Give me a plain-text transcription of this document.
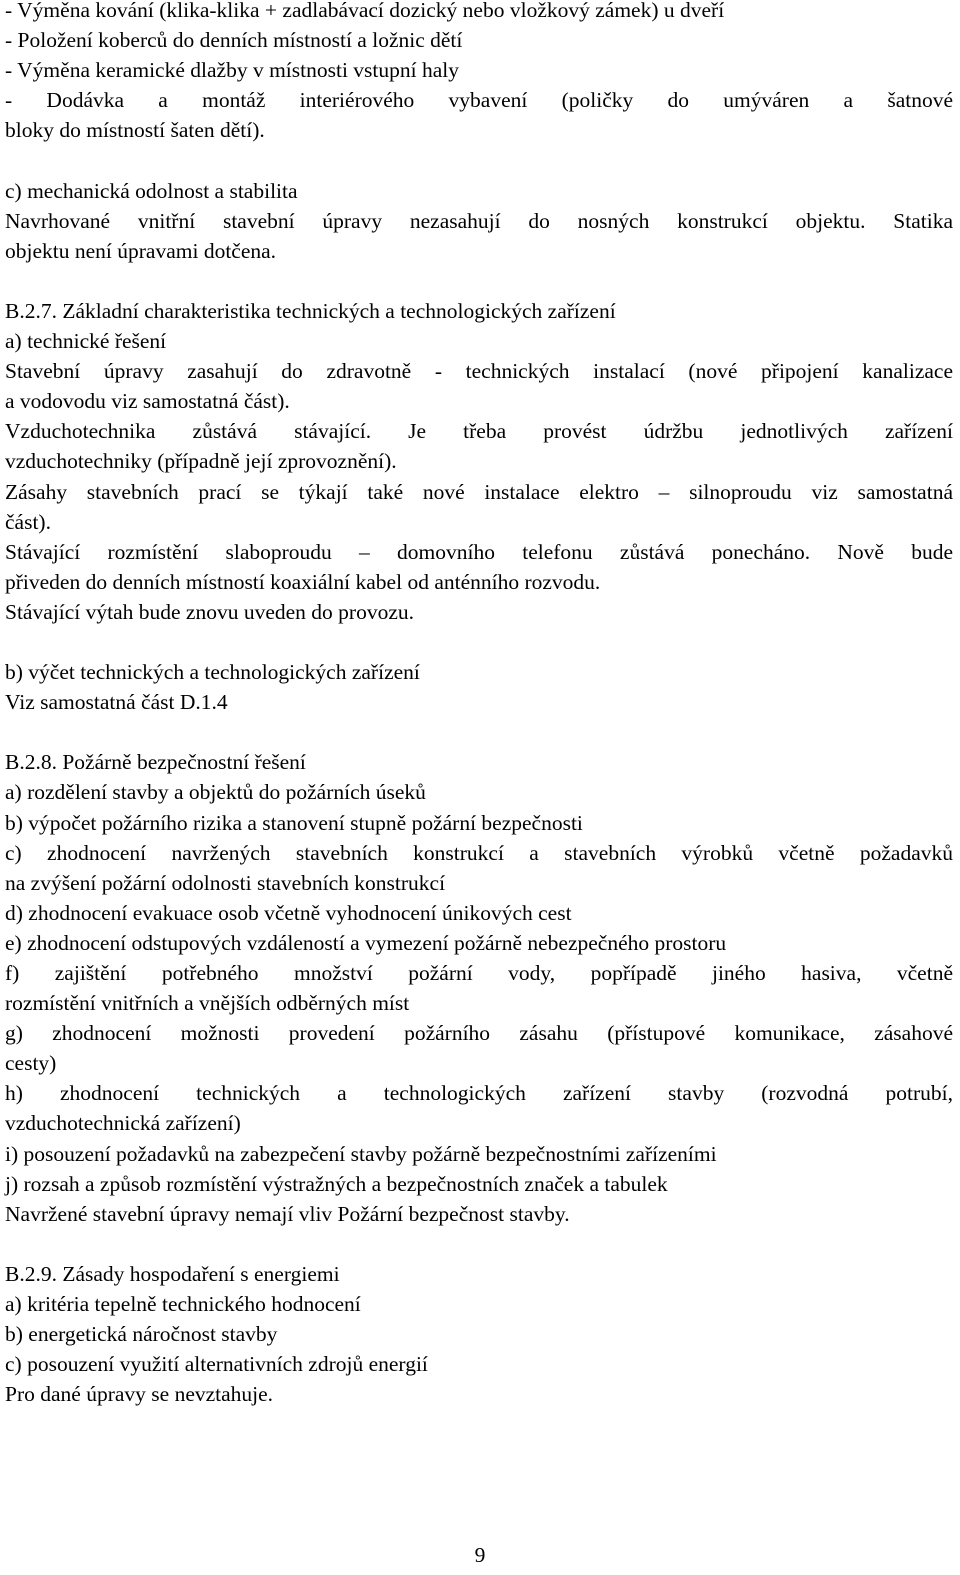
- Výměna kování (klika-klika + zadlabávací dozický nebo vložkový zámek) u dveří
- Položení koberců do denních místností a ložnic dětí
- Výměna keramické dlažby v místnosti vstupní haly
- Dodávka a montáž interiérového vybavení (poličky do umýváren a šatnové
bloky do místností šaten dětí).
c) mechanická odolnost a stabilita
Navrhované vnitřní stavební úpravy nezasahují do nosných konstrukcí objektu. Statika
objektu není úpravami dotčena.
B.2.7. Základní charakteristika technických a technologických zařízení
a) technické řešení
Stavební úpravy zasahují do zdravotně - technických instalací (nové připojení kanalizace
a vodovodu viz samostatná část).
Vzduchotechnika zůstává stávající. Je třeba provést údržbu jednotlivých zařízení
vzduchotechniky (případně její zprovoznění).
Zásahy stavebních prací se týkají také nové instalace elektro – silnoproudu viz samostatná
část).
Stávající rozmístění slaboproudu – domovního telefonu zůstává ponecháno. Nově bude
přiveden do denních místností koaxiální kabel od anténního rozvodu.
Stávající výtah bude znovu uveden do provozu.
b) výčet technických a technologických zařízení
Viz samostatná část D.1.4
B.2.8. Požárně bezpečnostní řešení
a) rozdělení stavby a objektů do požárních úseků
b) výpočet požárního rizika a stanovení stupně požární bezpečnosti
c) zhodnocení navržených stavebních konstrukcí a stavebních výrobků včetně požadavků
na zvýšení požární odolnosti stavebních konstrukcí
d) zhodnocení evakuace osob včetně vyhodnocení únikových cest
e) zhodnocení odstupových vzdáleností a vymezení požárně nebezpečného prostoru
f) zajištění potřebného množství požární vody, popřípadě jiného hasiva, včetně
rozmístění vnitřních a vnějších odběrných míst
g) zhodnocení možnosti provedení požárního zásahu (přístupové komunikace, zásahové
cesty)
h) zhodnocení technických a technologických zařízení stavby (rozvodná potrubí,
vzduchotechnická zařízení)
i) posouzení požadavků na zabezpečení stavby požárně bezpečnostními zařízeními
j) rozsah a způsob rozmístění výstražných a bezpečnostních značek a tabulek
Navržené stavební úpravy nemají vliv Požární bezpečnost stavby.
B.2.9. Zásady hospodaření s energiemi
a) kritéria tepelně technického hodnocení
b) energetická náročnost stavby
c) posouzení využití alternativních zdrojů energií
Pro dané úpravy se nevztahuje.
9
